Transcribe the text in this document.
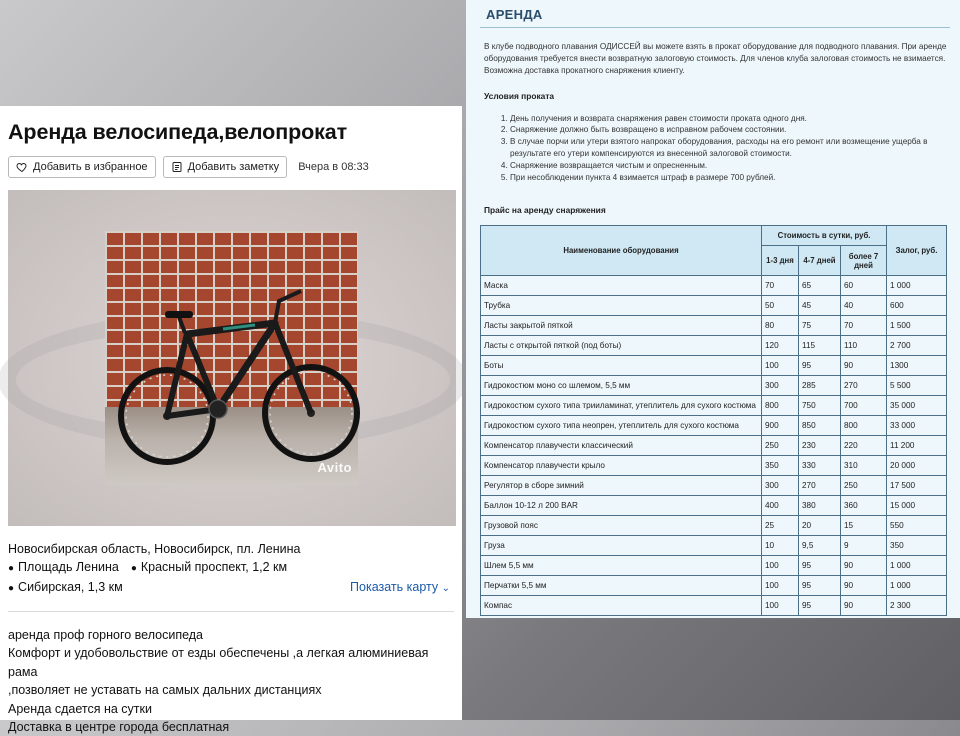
Аренда велосипеда,велопрокат
Добавить в избранное	Добавить заметку Вчера в 08:33
Avito
Новосибирская область, Новосибирск, пл. Ленина
● Площадь Ленина	● Красный проспект, 1,2 км
● Сибирская, 1,3 км	Показать карту ⌄

аренда проф горного велосипеда

Комфорт и удобовольствие от езды обеспечены ,а легкая алюминиевая рама

,позволяет не уставать на самых дальних дистанциях

Аренда сдается на сутки

Доставка в центре города бесплатная

АРЕНДА

В клубе подводного плавания ОДИССЕЙ вы можете взять в прокат оборудование для подводного плавания. При аренде оборудования требуется внести возвратную залоговую стоимость. Для членов клуба залоговая стоимость не взимается. Возможна доставка прокатного снаряжения клиенту.

Условия проката
1. День получения и возврата снаряжения равен стоимости проката одного дня.
2. Снаряжение должно быть возвращено в исправном рабочем состоянии.
3. В случае порчи или утери взятого напрокат оборудования, расходы на его ремонт или возмещение ущерба в результате его утери компенсируются из внесенной залоговой стоимости.
4. Снаряжение возвращается чистым и опресненным.
5. При несоблюдении пункта 4 взимается штраф в размере 700 рублей.
Прайс на аренду снаряжения
Наименование оборудования	Стоимость в сутки, руб.			Залог, руб.
	1-3 дня	4-7 дней	более 7 дней	
Маска	70	65	60	1 000
Трубка	50	45	40	600
Ласты закрытой пяткой	80	75	70	1 500
Ласты с открытой пяткой (под боты)	120	115	110	2 700
Боты	100	95	90	1300
Гидрокостюм моно со шлемом, 5,5 мм	300	285	270	5 500
Гидрокостюм сухого типа трииламинат, утеплитель для сухого костюма	800	750	700	35 000
Гидрокостюм сухого типа неопрен, утеплитель для сухого костюма	900	850	800	33 000
Компенсатор плавучести классический	250	230	220	11 200
Компенсатор плавучести крыло	350	330	310	20 000
Регулятор в сборе зимний	300	270	250	17 500
Баллон 10-12 л 200 BAR	400	380	360	15 000
Грузовой пояс	25	20	15	550
Груза	10	9,5	9	350
Шлем 5,5 мм	100	95	90	1 000
Перчатки 5,5 мм	100	95	90	1 000
Компас	100	95	90	2 300
